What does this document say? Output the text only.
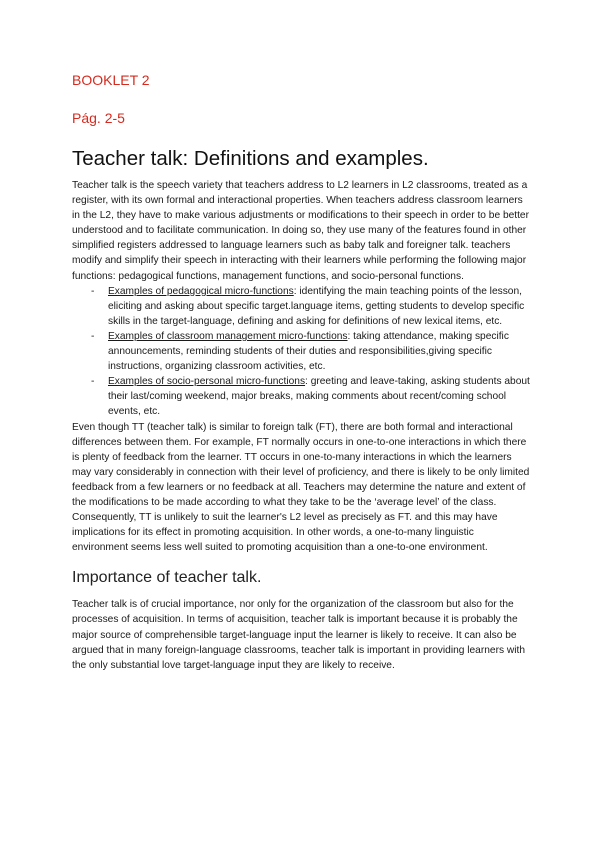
BOOKLET 2
Pág. 2-5
Teacher talk: Definitions and examples.

Teacher talk is the speech variety that teachers address to L2 learners in L2 classrooms, treated as a register, with its own formal and interactional properties. When teachers address classroom learners in the L2, they have to make various adjustments or modifications to their speech in order to be better understood and to facilitate communication. In doing so, they use many of the features found in other simplified registers addressed to language learners such as baby talk and foreigner talk. teachers modify and simplify their speech in interacting with their learners while performing the following major functions: pedagogical functions, management functions, and socio-personal functions.

- Examples of pedagogical micro-functions: identifying the main teaching points of the lesson, eliciting and asking about specific target.language items, getting students to develop specific skills in the target-language, defining and asking for definitions of new lexical items, etc.
- Examples of classroom management micro-functions: taking attendance, making specific announcements, reminding students of their duties and responsibilities,giving specific instructions, organizing classroom activities, etc.
- Examples of socio-personal micro-functions: greeting and leave-taking, asking students about their last/coming weekend, major breaks, making comments about recent/coming school events, etc.

Even though TT (teacher talk) is similar to foreign talk (FT), there are both formal and interactional differences between them. For example, FT normally occurs in one-to-one interactions in which there is plenty of feedback from the learner. TT occurs in one-to-many interactions in which the learners may vary considerably in connection with their level of proficiency, and there is likely to be only limited feedback from a few learners or no feedback at all. Teachers may determine the nature and extent of the modifications to be made according to what they take to be the ‘average level’ of the class. Consequently, TT is unlikely to suit the learner's L2 level as precisely as FT. and this may have implications for its effect in promoting acquisition. In other words, a one-to-many linguistic environment seems less well suited to promoting acquisition than a one-to-one environment.

Importance of teacher talk.

Teacher talk is of crucial importance, nor only for the organization of the classroom but also for the processes of acquisition. In terms of acquisition, teacher talk is important because it is probably the major source of comprehensible target-language input the learner is likely to receive. It can also be argued that in many foreign-language classrooms, teacher talk is important in providing learners with the only substantial love target-language input they are likely to receive.
